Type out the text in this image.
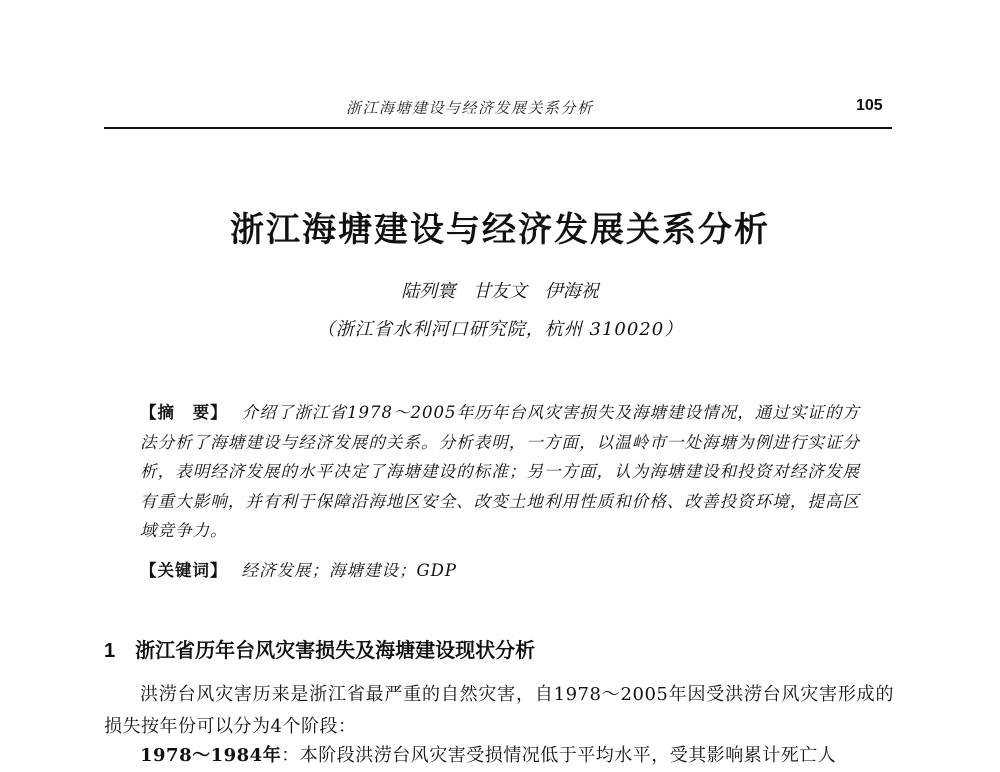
浙江海塘建设与经济发展关系分析	105
浙江海塘建设与经济发展关系分析
陆列寰 甘友文 伊海祝
（浙江省水利河口研究院，杭州 310020）
【摘　要】 介绍了浙江省1978～2005年历年台风灾害损失及海塘建设情况，通过实证的方法分析了海塘建设与经济发展的关系。分析表明，一方面，以温岭市一处海塘为例进行实证分析，表明经济发展的水平决定了海塘建设的标准；另一方面，认为海塘建设和投资对经济发展有重大影响，并有利于保障沿海地区安全、改变土地利用性质和价格、改善投资环境，提高区域竞争力。
【关键词】 经济发展；海塘建设；GDP
1 浙江省历年台风灾害损失及海塘建设现状分析
洪涝台风灾害历来是浙江省最严重的自然灾害，自1978～2005年因受洪涝台风灾害形成的损失按年份可以分为4个阶段：
1978～1984年：本阶段洪涝台风灾害受损情况低于平均水平，受其影响累计死亡人
